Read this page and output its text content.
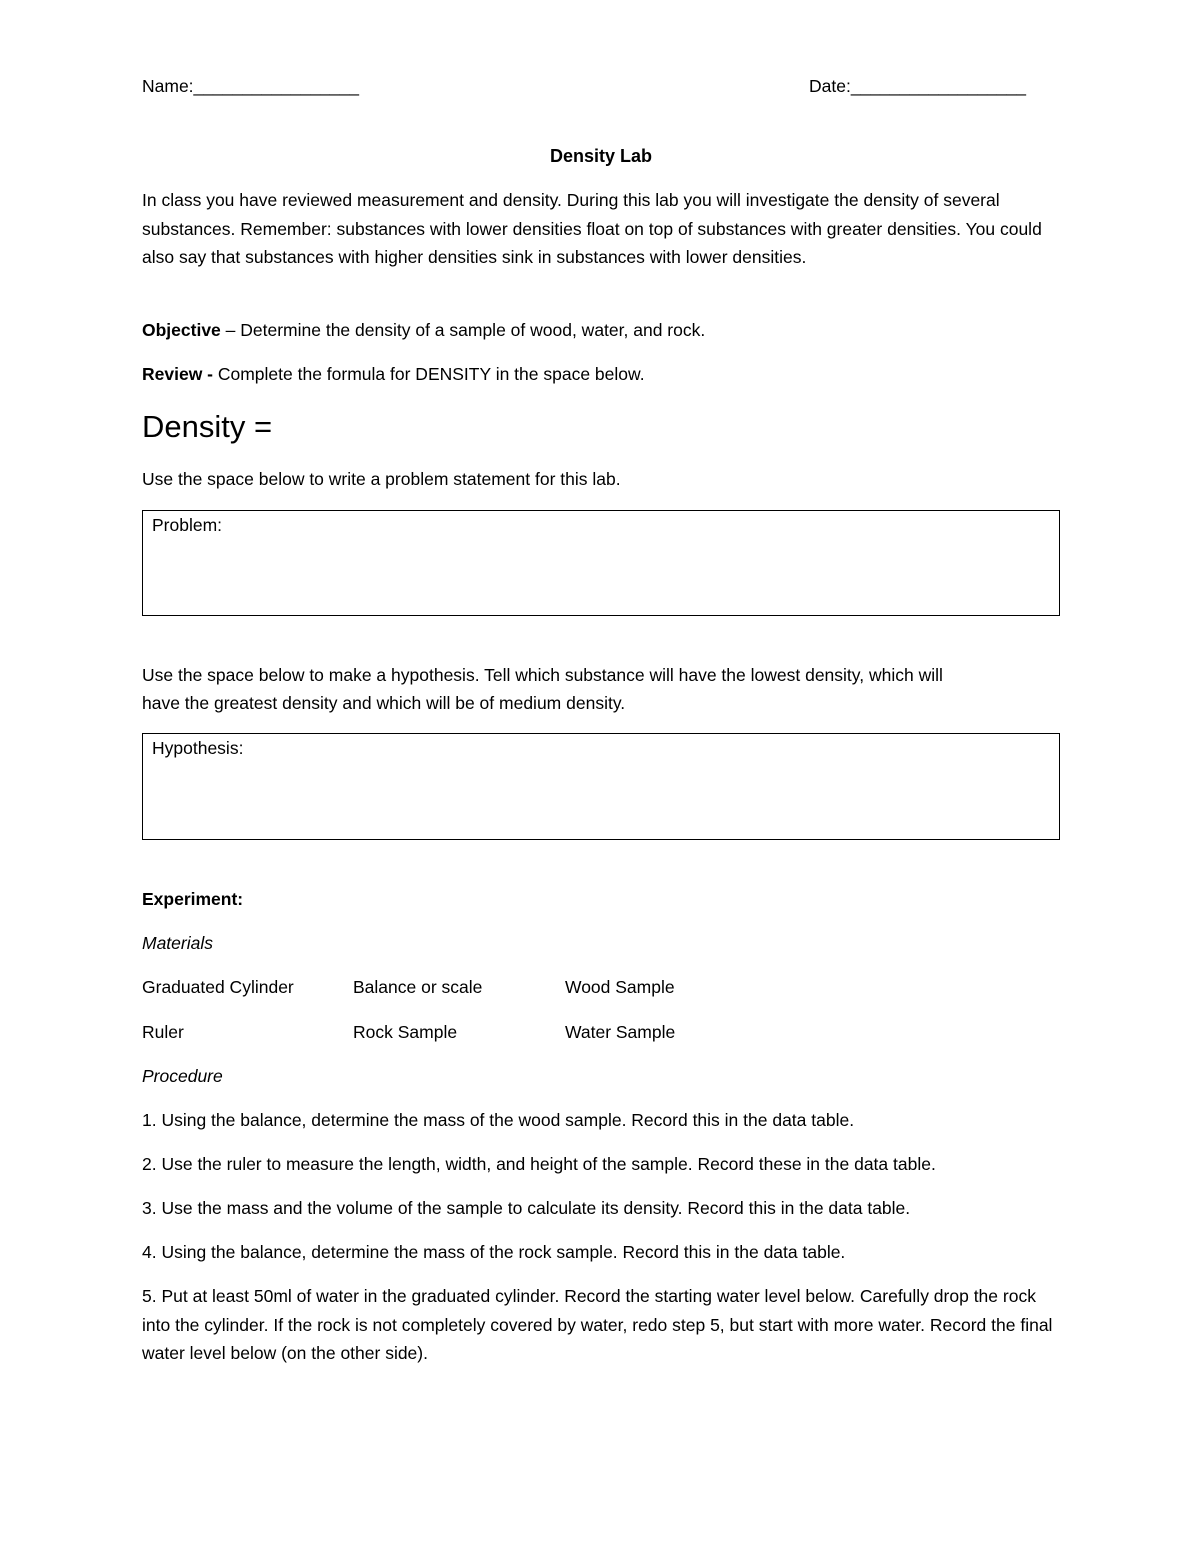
Name:_________________	Date:__________________
Density Lab
In class you have reviewed measurement and density. During this lab you will investigate the density of several substances. Remember: substances with lower densities float on top of substances with greater densities. You could also say that substances with higher densities sink in substances with lower densities.
Objective – Determine the density of a sample of wood, water, and rock.
Review - Complete the formula for DENSITY in the space below.
Density =
Use the space below to write a problem statement for this lab.
Problem:
Use the space below to make a hypothesis. Tell which substance will have the lowest density, which will
have the greatest density and which will be of medium density.
Hypothesis:
Experiment:
Materials
Graduated Cylinder	Balance or scale	Wood Sample
Ruler	Rock Sample	Water Sample
Procedure
1. Using the balance, determine the mass of the wood sample. Record this in the data table.
2. Use the ruler to measure the length, width, and height of the sample. Record these in the data table.
3. Use the mass and the volume of the sample to calculate its density. Record this in the data table.
4. Using the balance, determine the mass of the rock sample. Record this in the data table.
5. Put at least 50ml of water in the graduated cylinder. Record the starting water level below. Carefully drop the rock into the cylinder. If the rock is not completely covered by water, redo step 5, but start with more water. Record the final water level below (on the other side).
